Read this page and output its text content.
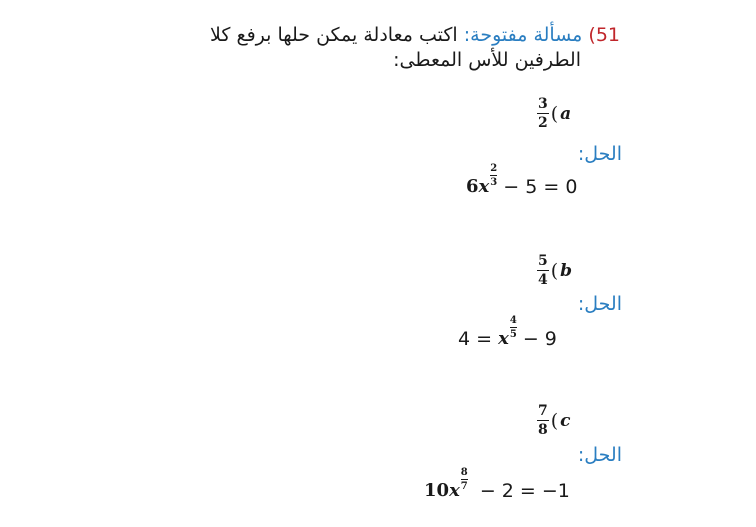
51) مسألة مفتوحة: اكتب معادلة يمكن حلها برفع كلا
الطرفين للأس المعطى:
$\frac{3}{2}$ ( a
الحل:
6 x
2
3 − 5 = 0
$\frac{5}{4}$ ( b
الحل:
4 = x
4
5 − 9
$\frac{7}{8}$ ( c
الحل:
10 x
8
7 − 2 = −1
